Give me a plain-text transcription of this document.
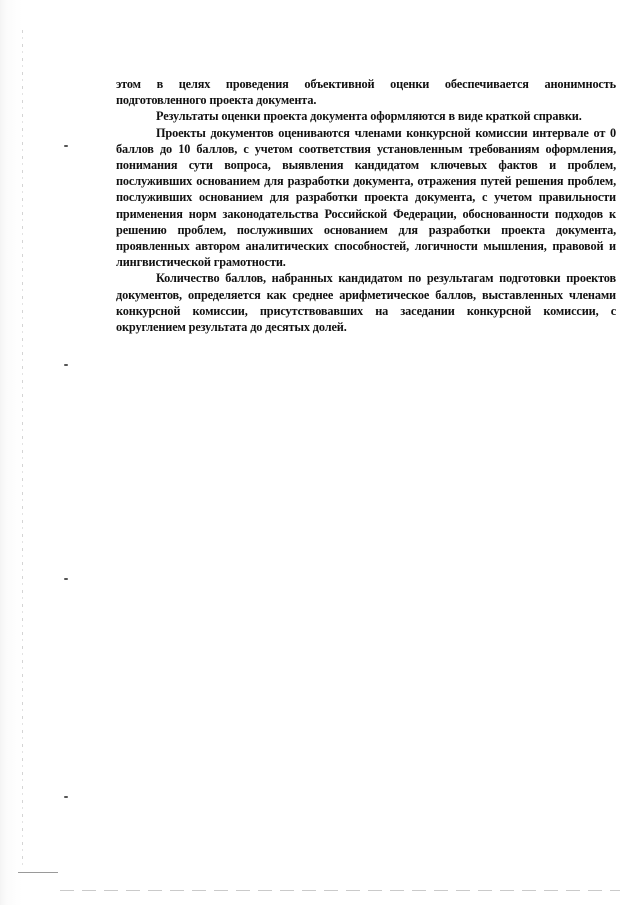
этом в целях проведения объективной оценки обеспечивается анонимность подготовленного проекта документа.

Результаты оценки проекта документа оформляются в виде краткой справки.

Проекты документов оцениваются членами конкурсной комиссии интервале от 0 баллов до 10 баллов, с учетом соответствия установленным требованиям оформления, понимания сути вопроса, выявления кандидатом ключевых фактов и проблем, послуживших основанием для разработки документа, отражения путей решения проблем, послуживших основанием для разработки проекта документа, с учетом правильности применения норм законодательства Российской Федерации, обоснованности подходов к решению проблем, послуживших основанием для разработки проекта документа, проявленных автором аналитических способностей, логичности мышления, правовой и лингвистической грамотности.

Количество баллов, набранных кандидатом по результагам подготовки проектов документов, определяется как среднее арифметическое баллов, выставленных членами конкурсной комиссии, присутствовавших на заседании конкурсной комиссии, с округлением результата до десятых долей.
